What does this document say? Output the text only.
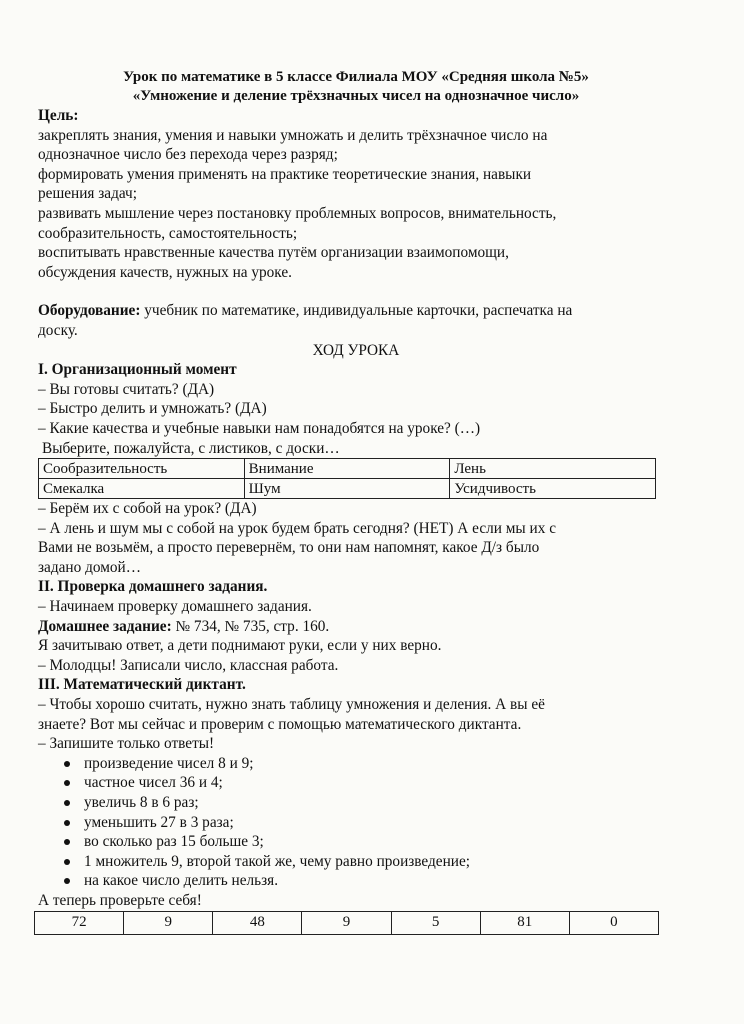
Урок по математике в 5 классе Филиала МОУ «Средняя школа №5»

«Умножение и деление трёхзначных чисел на однозначное число»

Цель:

закреплять знания, умения и навыки умножать и делить трёхзначное число на

однозначное число без перехода через разряд;

формировать умения применять на практике теоретические знания, навыки

решения задач;

развивать мышление через постановку проблемных вопросов, внимательность,

сообразительность, самостоятельность;

воспитывать нравственные качества путём организации взаимопомощи,

обсуждения качеств, нужных на уроке.

Оборудование: учебник по математике, индивидуальные карточки, распечатка на

доску.

ХОД УРОКА

I. Организационный момент

– Вы готовы считать? (ДА)

– Быстро делить и умножать? (ДА)

– Какие качества и учебные навыки нам понадобятся на уроке? (…)

Выберите, пожалуйста, с листиков, с доски…

Сообразительность	Внимание	Лень
Смекалка	Шум	Усидчивость

– Берём их с собой на урок? (ДА)

– А лень и шум мы с собой на урок будем брать сегодня? (НЕТ) А если мы их с

Вами не возьмём, а просто перевернём, то они нам напомнят, какое Д/з было

задано домой…

II. Проверка домашнего задания.

– Начинаем проверку домашнего задания.

Домашнее задание: № 734, № 735, стр. 160.

Я зачитываю ответ, а дети поднимают руки, если у них верно.

– Молодцы! Записали число, классная работа.

III. Математический диктант.

– Чтобы хорошо считать, нужно знать таблицу умножения и деления. А вы её

знаете? Вот мы сейчас и проверим с помощью математического диктанта.

– Запишите только ответы!

произведение чисел 8 и 9;
частное чисел 36 и 4;
увеличь 8 в 6 раз;
уменьшить 27 в 3 раза;
во сколько раз 15 больше 3;
1 множитель 9, второй такой же, чему равно произведение;
на какое число делить нельзя.

А теперь проверьте себя!

72	9	48	9	5	81	0
